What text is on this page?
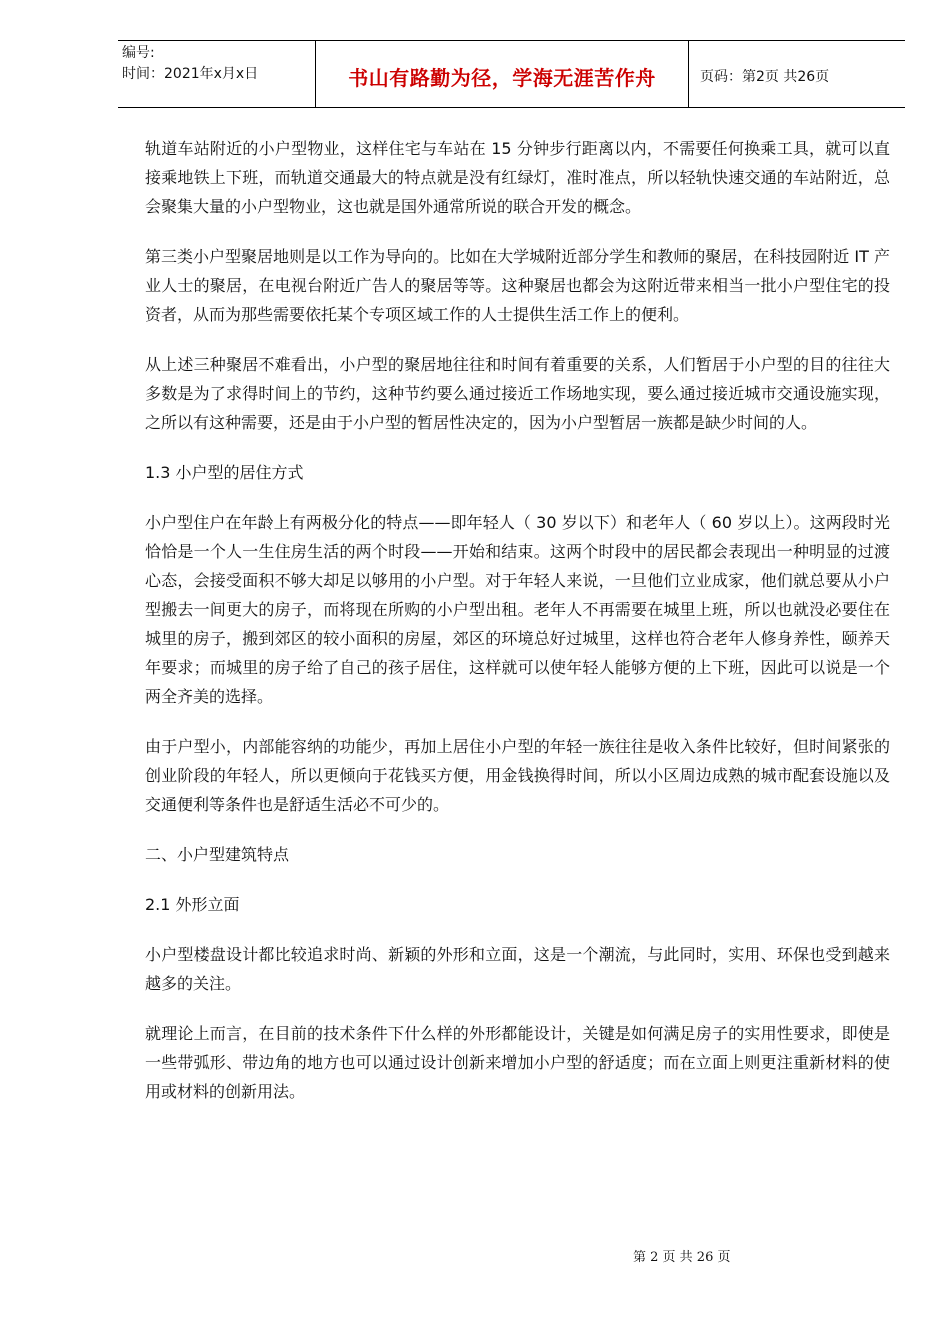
编号:
时间：2021年x月x日	书山有路勤为径，学海无涯苦作舟	页码：第2页 共26页

轨道车站附近的小户型物业，这样住宅与车站在 15 分钟步行距离以内，不需要任何换乘工具，就可以直接乘地铁上下班，而轨道交通最大的特点就是没有红绿灯，准时准点，所以轻轨快速交通的车站附近，总会聚集大量的小户型物业，这也就是国外通常所说的联合开发的概念。

第三类小户型聚居地则是以工作为导向的。比如在大学城附近部分学生和教师的聚居，在科技园附近 IT 产业人士的聚居，在电视台附近广告人的聚居等等。这种聚居也都会为这附近带来相当一批小户型住宅的投资者，从而为那些需要依托某个专项区域工作的人士提供生活工作上的便利。

从上述三种聚居不难看出，小户型的聚居地往往和时间有着重要的关系，人们暂居于小户型的目的往往大多数是为了求得时间上的节约，这种节约要么通过接近工作场地实现，要么通过接近城市交通设施实现，之所以有这种需要，还是由于小户型的暂居性决定的，因为小户型暂居一族都是缺少时间的人。

1.3 小户型的居住方式

小户型住户在年龄上有两极分化的特点——即年轻人（ 30 岁以下）和老年人（ 60 岁以上）。这两段时光恰恰是一个人一生住房生活的两个时段——开始和结束。这两个时段中的居民都会表现出一种明显的过渡心态，会接受面积不够大却足以够用的小户型。对于年轻人来说，一旦他们立业成家，他们就总要从小户型搬去一间更大的房子，而将现在所购的小户型出租。老年人不再需要在城里上班，所以也就没必要住在城里的房子，搬到郊区的较小面积的房屋，郊区的环境总好过城里，这样也符合老年人修身养性，颐养天年要求；而城里的房子给了自己的孩子居住，这样就可以使年轻人能够方便的上下班，因此可以说是一个两全齐美的选择。

由于户型小，内部能容纳的功能少，再加上居住小户型的年轻一族往往是收入条件比较好，但时间紧张的创业阶段的年轻人，所以更倾向于花钱买方便，用金钱换得时间，所以小区周边成熟的城市配套设施以及交通便利等条件也是舒适生活必不可少的。

二、小户型建筑特点

2.1 外形立面

小户型楼盘设计都比较追求时尚、新颖的外形和立面，这是一个潮流，与此同时，实用、环保也受到越来越多的关注。

就理论上而言，在目前的技术条件下什么样的外形都能设计，关键是如何满足房子的实用性要求，即使是一些带弧形、带边角的地方也可以通过设计创新来增加小户型的舒适度；而在立面上则更注重新材料的使用或材料的创新用法。

第 2 页 共 26 页
